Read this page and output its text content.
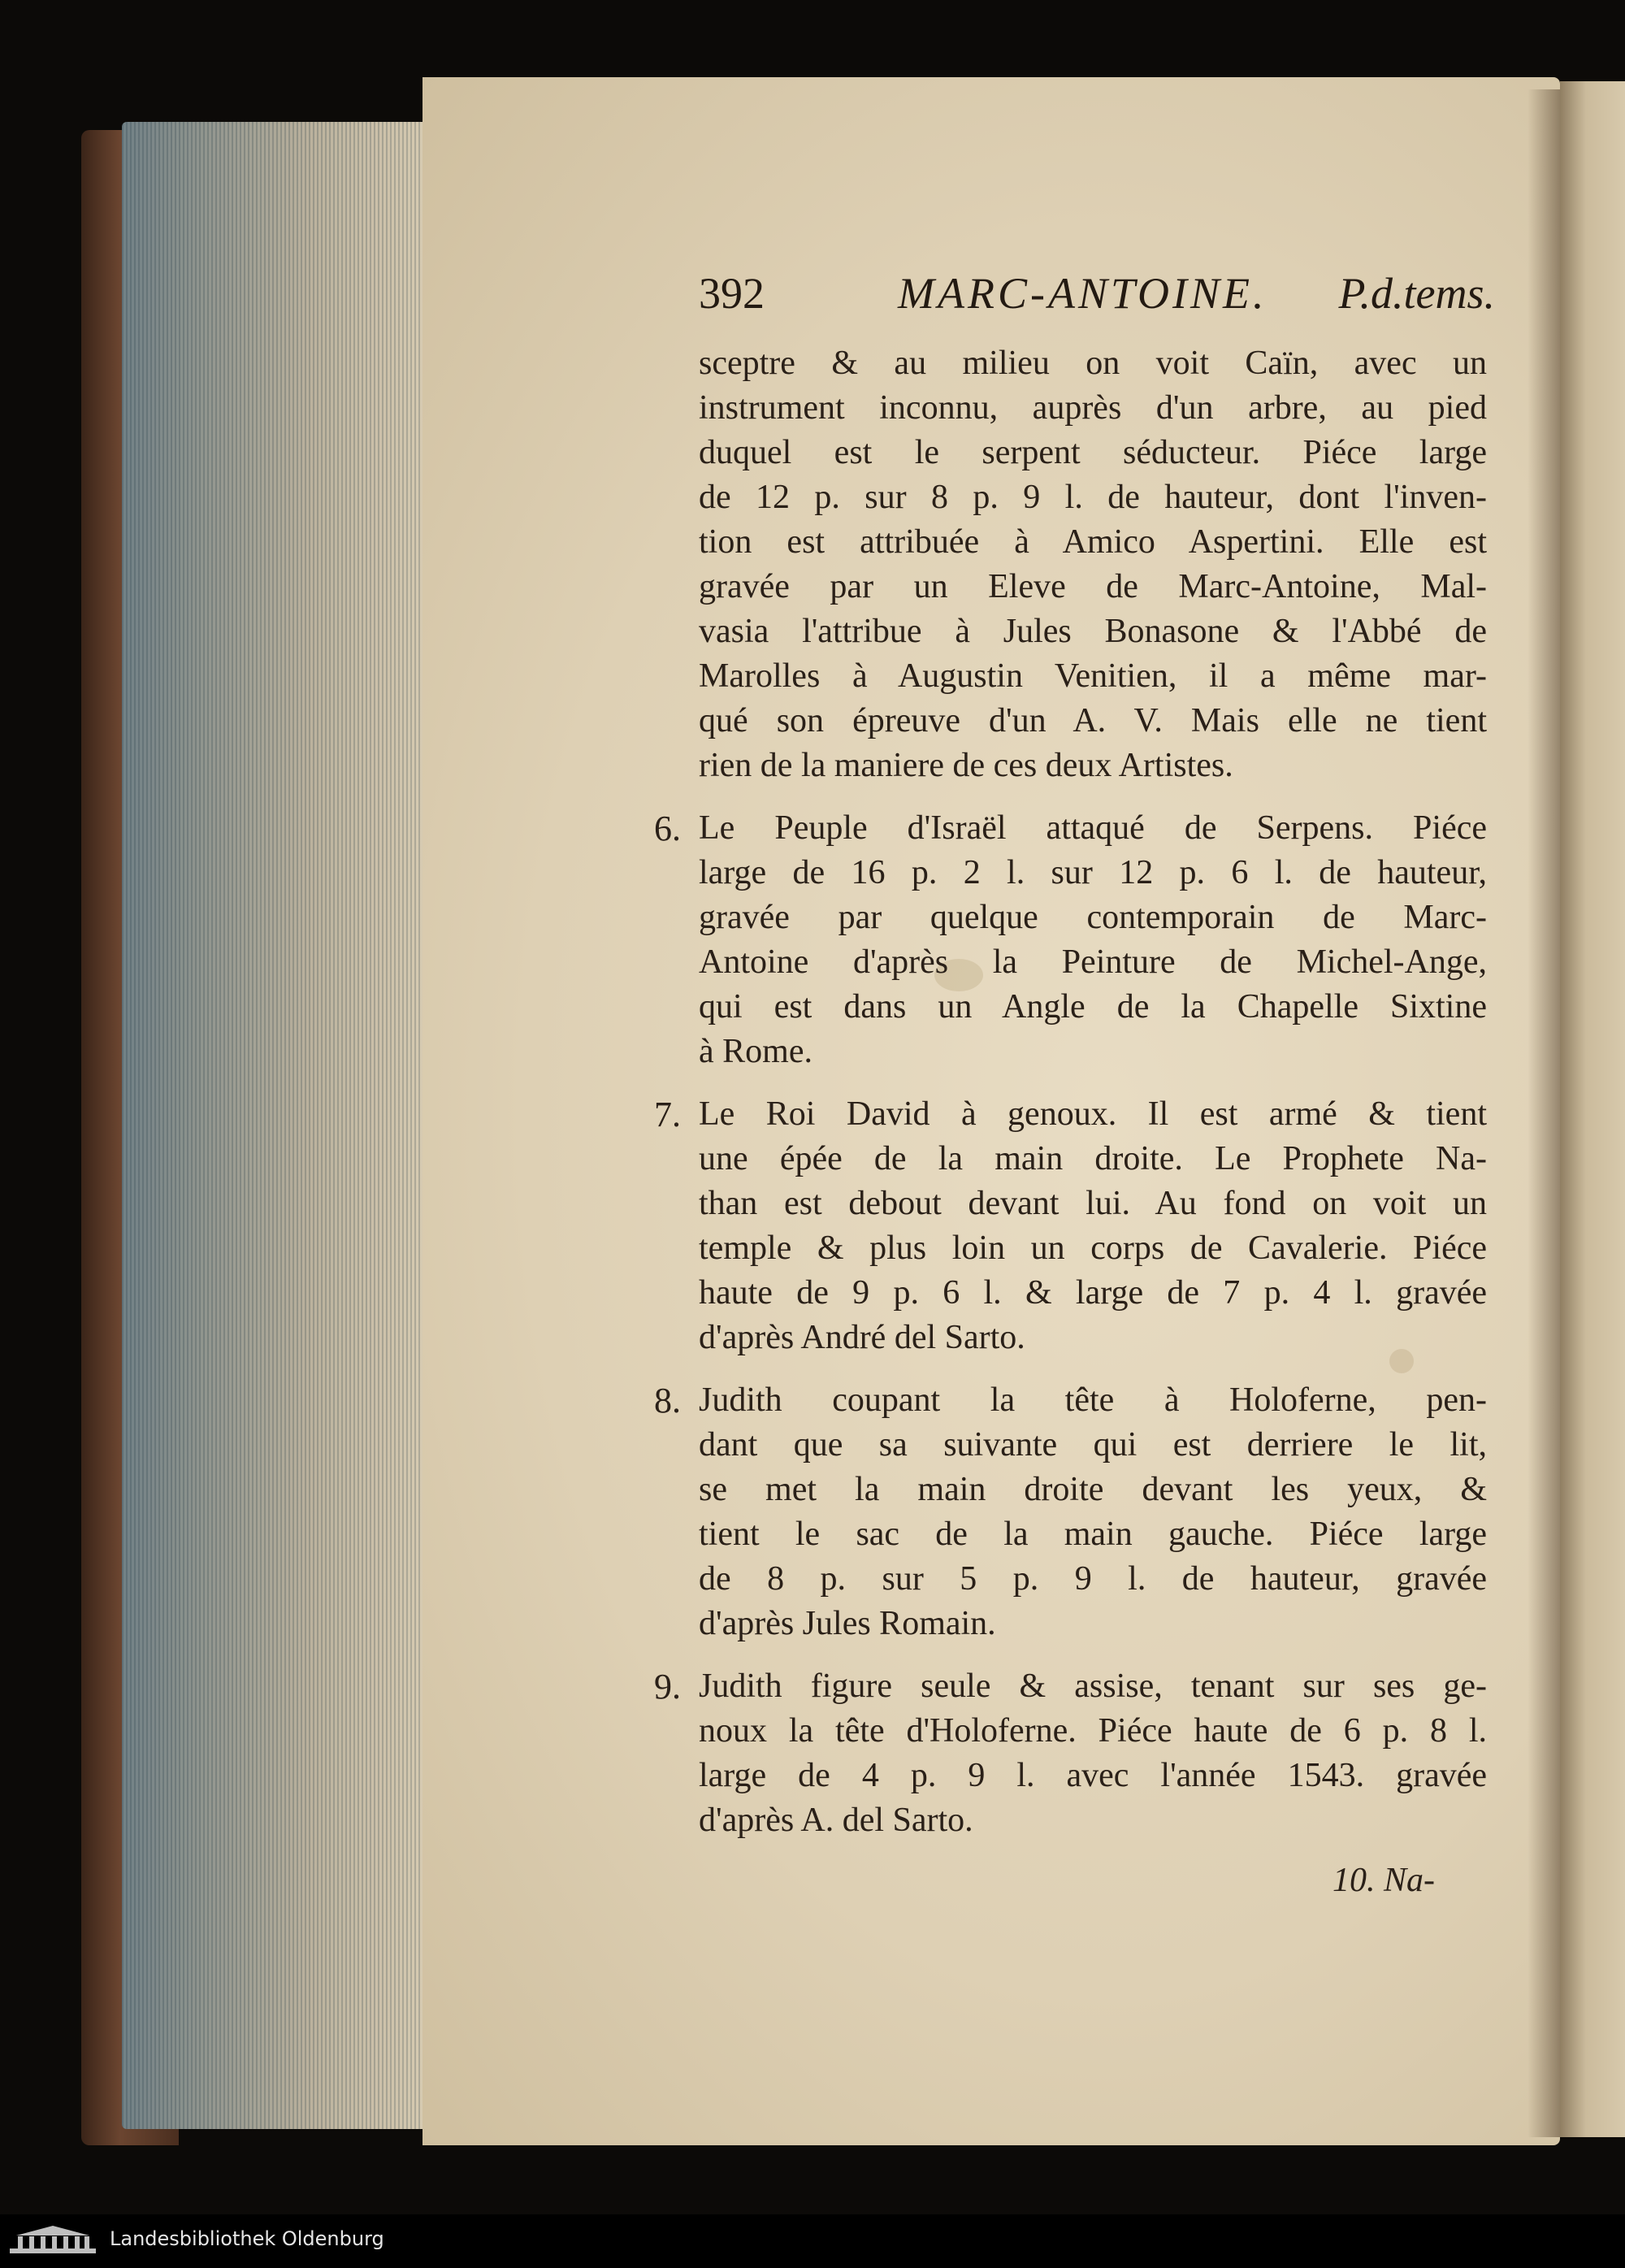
392	MARC-ANTOINE. P.d.tems.
sceptre & au milieu on voit Caïn, avec un
instrument inconnu, auprès d'un arbre, au pied
duquel est le serpent séducteur. Piéce large
de 12 p. sur 8 p. 9 l. de hauteur, dont l'inven-
tion est attribuée à Amico Aspertini. Elle est
gravée par un Eleve de Marc-Antoine, Mal-
vasia l'attribue à Jules Bonasone & l'Abbé de
Marolles à Augustin Venitien, il a même mar-
qué son épreuve d'un A. V. Mais elle ne tient
rien de la maniere de ces deux Artistes.
6. Le Peuple d'Israël attaqué de Serpens. Piéce
large de 16 p. 2 l. sur 12 p. 6 l. de hauteur,
gravée par quelque contemporain de Marc-
Antoine d'après la Peinture de Michel-Ange,
qui est dans un Angle de la Chapelle Sixtine
à Rome.
7. Le Roi David à genoux. Il est armé & tient
une épée de la main droite. Le Prophete Na-
than est debout devant lui. Au fond on voit un
temple & plus loin un corps de Cavalerie. Piéce
haute de 9 p. 6 l. & large de 7 p. 4 l. gravée
d'après André del Sarto.
8. Judith coupant la tête à Holoferne, pen-
dant que sa suivante qui est derriere le lit,
se met la main droite devant les yeux, &
tient le sac de la main gauche. Piéce large
de 8 p. sur 5 p. 9 l. de hauteur, gravée
d'après Jules Romain.
9. Judith figure seule & assise, tenant sur ses ge-
noux la tête d'Holoferne. Piéce haute de 6 p. 8 l.
large de 4 p. 9 l. avec l'année 1543. gravée
d'après A. del Sarto.
10. Na-
Landesbibliothek Oldenburg
